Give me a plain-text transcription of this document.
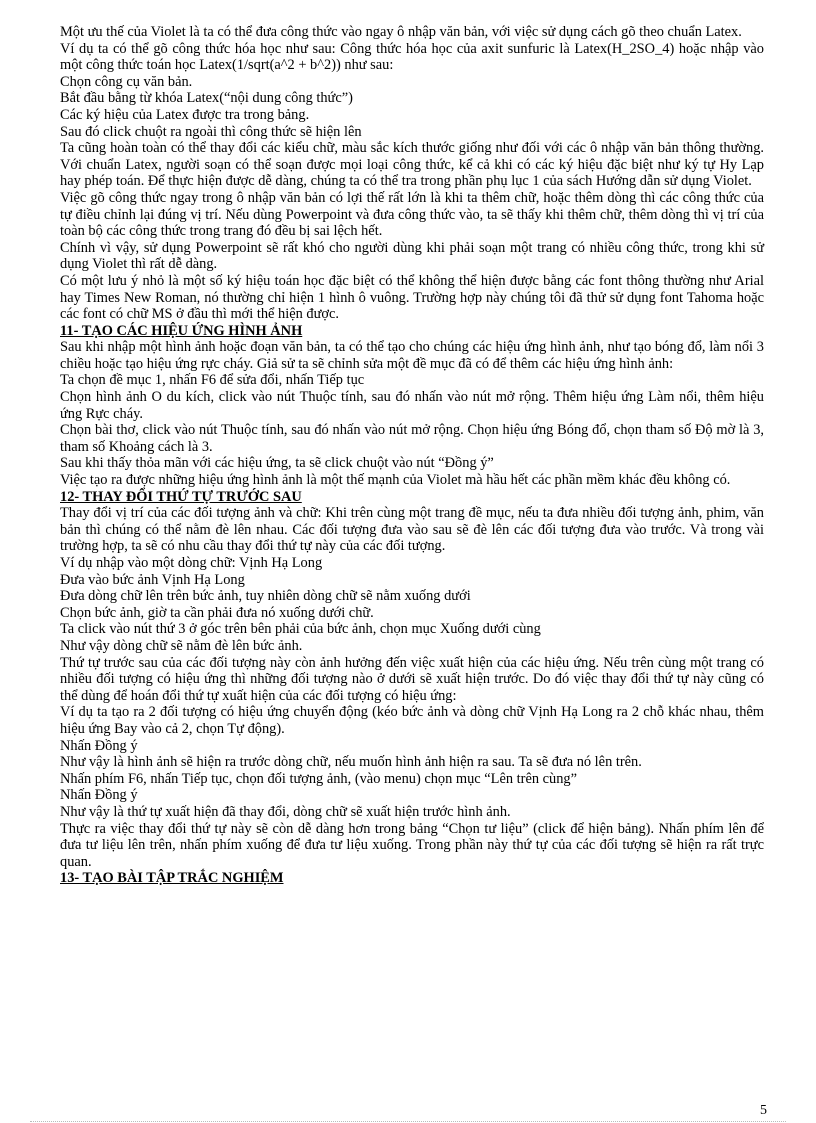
Một ưu thế của Violet là ta có thể đưa công thức vào ngay ô nhập văn bản, với việc sử dụng cách gõ theo chuẩn Latex.

Ví dụ ta có thể gõ công thức hóa học như sau: Công thức hóa học của axit sunfuric là Latex(H_2SO_4) hoặc nhập vào một công thức toán học Latex(1/sqrt(a^2 + b^2)) như sau:

Chọn công cụ văn bản.

Bắt đầu bằng từ khóa Latex(“nội dung công thức”)

Các ký hiệu của Latex được tra trong bảng.

Sau đó click chuột ra ngoài thì công thức sẽ hiện lên

Ta cũng hoàn toàn có thể thay đổi các kiểu chữ, màu sắc kích thước giống như đối với các ô nhập văn bản thông thường. Với chuẩn Latex, người soạn có thể soạn được mọi loại công thức, kể cả khi có các ký hiệu đặc biệt như ký tự Hy Lạp hay phép toán. Để thực hiện được dễ dàng, chúng ta có thể tra trong phần phụ lục 1 của sách Hướng dẫn sử dụng Violet.

Việc gõ công thức ngay trong ô nhập văn bản có lợi thế rất lớn là khi ta thêm chữ, hoặc thêm dòng thì các công thức của tự điều chỉnh lại đúng vị trí. Nếu dùng Powerpoint và đưa công thức vào, ta sẽ thấy khi thêm chữ, thêm dòng thì vị trí của toàn bộ các công thức trong trang đó đều bị sai lệch hết.

Chính vì vậy, sử dụng Powerpoint sẽ rất khó cho người dùng khi phải soạn một trang có nhiều công thức, trong khi sử dụng Violet thì rất dễ dàng.

Có một lưu ý nhỏ là một số ký hiệu toán học đặc biệt có thể không thể hiện được bằng các font thông thường như Arial hay Times New Roman, nó thường chỉ hiện 1 hình ô vuông. Trường hợp này chúng tôi đã thử sử dụng font Tahoma hoặc các font có chữ MS ở đầu thì mới thể hiện được.

11- TẠO CÁC HIỆU ỨNG HÌNH ẢNH

Sau khi nhập một hình ảnh hoặc đoạn văn bản, ta có thể tạo cho chúng các hiệu ứng hình ảnh, như tạo bóng đổ, làm nổi 3 chiều hoặc tạo hiệu ứng rực cháy. Giả sử ta sẽ chỉnh sửa một đề mục đã có để thêm các hiệu ứng hình ảnh:

Ta chọn đề mục 1, nhấn F6 để sửa đổi, nhấn Tiếp tục

Chọn hình ảnh O du kích, click vào nút Thuộc tính, sau đó nhấn vào nút mở rộng. Thêm hiệu ứng Làm nổi, thêm hiệu ứng Rực cháy.

Chọn bài thơ, click vào nút Thuộc tính, sau đó nhấn vào nút mở rộng. Chọn hiệu ứng Bóng đổ, chọn tham số Độ mờ là 3, tham số Khoảng cách là 3.

Sau khi thấy thỏa mãn với các hiệu ứng, ta sẽ click chuột vào nút “Đồng ý”

Việc tạo ra được những hiệu ứng hình ảnh là một thế mạnh của Violet mà hầu hết các phần mềm khác đều không có.

12- THAY ĐỔI THỨ TỰ TRƯỚC SAU

Thay đổi vị trí của các đối tượng ảnh và chữ: Khi trên cùng một trang đề mục, nếu ta đưa nhiều đối tượng ảnh, phim, văn bản thì chúng có thể nằm đè lên nhau. Các đối tượng đưa vào sau sẽ đè lên các đối tượng đưa vào trước. Và trong vài trường hợp, ta sẽ có nhu cầu thay đổi thứ tự này của các đối tượng.

Ví dụ nhập vào một dòng chữ: Vịnh Hạ Long

Đưa vào bức ảnh Vịnh Hạ Long

Đưa dòng chữ lên trên bức ảnh, tuy nhiên dòng chữ sẽ nằm xuống dưới

Chọn bức ảnh, giờ ta cần phải đưa nó xuống dưới chữ.

Ta click vào nút thứ 3 ở góc trên bên phải của bức ảnh, chọn mục Xuống dưới cùng

Như vậy dòng chữ sẽ nằm đè lên bức ảnh.

Thứ tự trước sau của các đối tượng này còn ảnh hưởng đến việc xuất hiện của các hiệu ứng. Nếu trên cùng một trang có nhiều đối tượng có hiệu ứng thì những đối tượng nào ở dưới sẽ xuất hiện trước. Do đó việc thay đổi thứ tự này cũng có thể dùng để hoán đổi thứ tự xuất hiện của các đối tượng có hiệu ứng:

Ví dụ ta tạo ra 2 đối tượng có hiệu ứng chuyển động (kéo bức ảnh và dòng chữ Vịnh Hạ Long ra 2 chỗ khác nhau, thêm hiệu ứng Bay vào cả 2, chọn Tự động).

Nhấn Đồng ý

Như vậy là hình ảnh sẽ hiện ra trước dòng chữ, nếu muốn hình ảnh hiện ra sau. Ta sẽ đưa nó lên trên.

Nhấn phím F6, nhấn Tiếp tục, chọn đối tượng ảnh, (vào menu) chọn mục “Lên trên cùng”

Nhấn Đồng ý

Như vậy là thứ tự xuất hiện đã thay đổi, dòng chữ sẽ xuất hiện trước hình ảnh.

Thực ra việc thay đổi thứ tự này sẽ còn dễ dàng hơn trong bảng “Chọn tư liệu” (click để hiện bảng). Nhấn phím lên để đưa tư liệu lên trên, nhấn phím xuống để đưa tư liệu xuống. Trong phần này thứ tự của các đối tượng sẽ hiện ra rất trực quan.

13- TẠO BÀI TẬP TRẮC NGHIỆM
5
